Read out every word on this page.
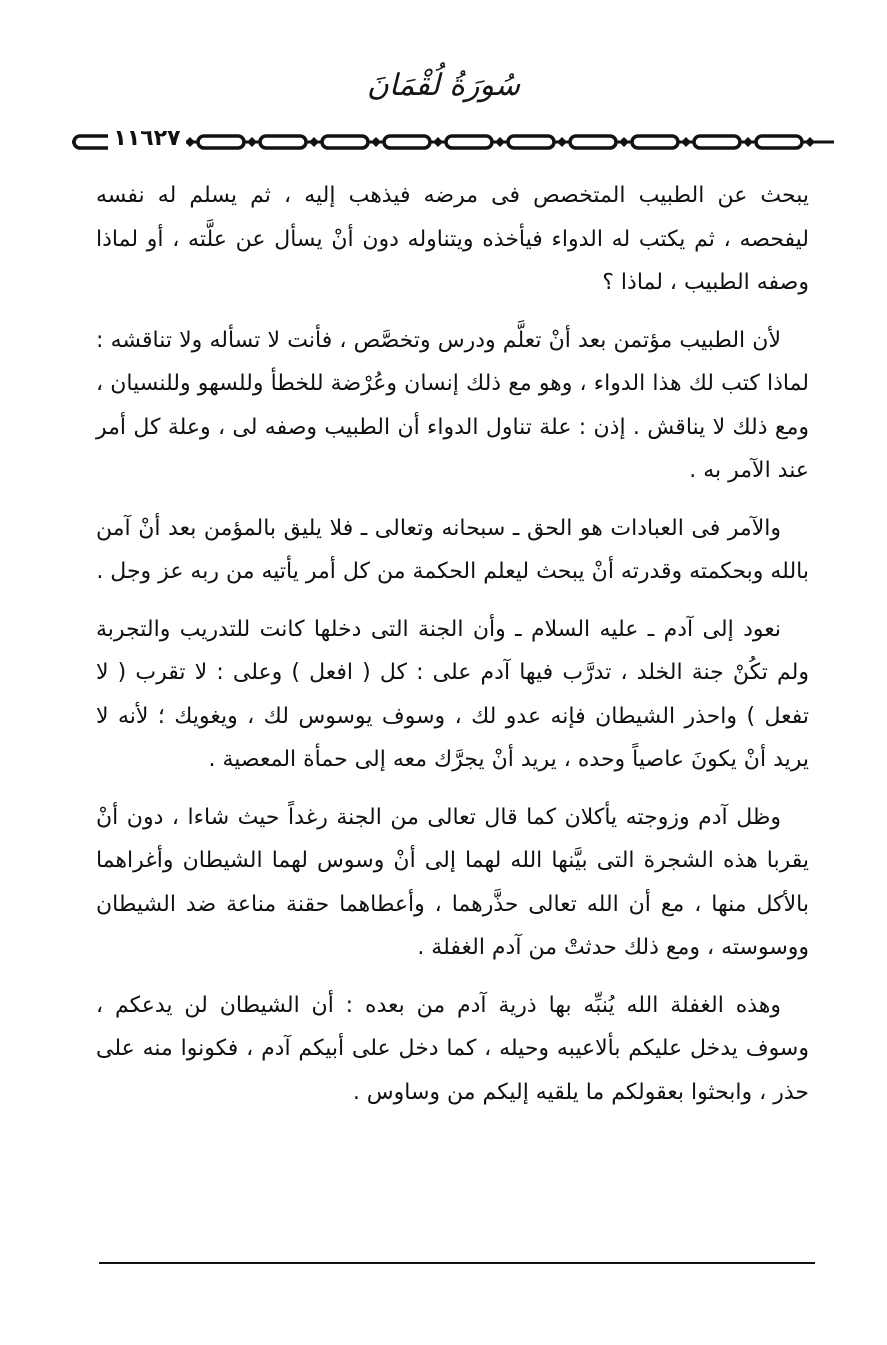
سُورَةُ لُقْمَانَ
١١٦٢٧

يبحث عن الطبيب المتخصص فى مرضه فيذهب إليه ، ثم يسلم له نفسه ليفحصه ، ثم يكتب له الدواء فيأخذه ويتناوله دون أنْ يسأل عن علَّته ، أو لماذا وصفه الطبيب ، لماذا ؟

لأن الطبيب مؤتمن بعد أنْ تعلَّم ودرس وتخصَّص ، فأنت لا تسأله ولا تناقشه : لماذا كتب لك هذا الدواء ، وهو مع ذلك إنسان وعُرْضة للخطأ وللسهو وللنسيان ، ومع ذلك لا يناقش . إذن : علة تناول الدواء أن الطبيب وصفه لى ، وعلة كل أمر عند الآمر به .

والآمر فى العبادات هو الحق ـ سبحانه وتعالى ـ فلا يليق بالمؤمن بعد أنْ آمن بالله وبحكمته وقدرته أنْ يبحث ليعلم الحكمة من كل أمر يأتيه من ربه عز وجل .

نعود إلى آدم ـ عليه السلام ـ وأن الجنة التى دخلها كانت للتدريب والتجربة ولم تكُنْ جنة الخلد ، تدرَّب فيها آدم على : كل ( افعل ) وعلى : لا تقرب ( لا تفعل ) واحذر الشيطان فإنه عدو لك ، وسوف يوسوس لك ، ويغويك ؛ لأنه لا يريد أنْ يكونَ عاصياً وحده ، يريد أنْ يجرَّك معه إلى حمأة المعصية .

وظل آدم وزوجته يأكلان كما قال تعالى من الجنة رغداً حيث شاءا ، دون أنْ يقربا هذه الشجرة التى بيَّنها الله لهما إلى أنْ وسوس لهما الشيطان وأغراهما بالأكل منها ، مع أن الله تعالى حذَّرهما ، وأعطاهما حقنة مناعة ضد الشيطان ووسوسته ، ومع ذلك حدثتْ من آدم الغفلة .

وهذه الغفلة الله يُنبِّه بها ذرية آدم من بعده : أن الشيطان لن يدعكم ، وسوف يدخل عليكم بألاعيبه وحيله ، كما دخل على أبيكم آدم ، فكونوا منه على حذر ، وابحثوا بعقولكم ما يلقيه إليكم من وساوس .
